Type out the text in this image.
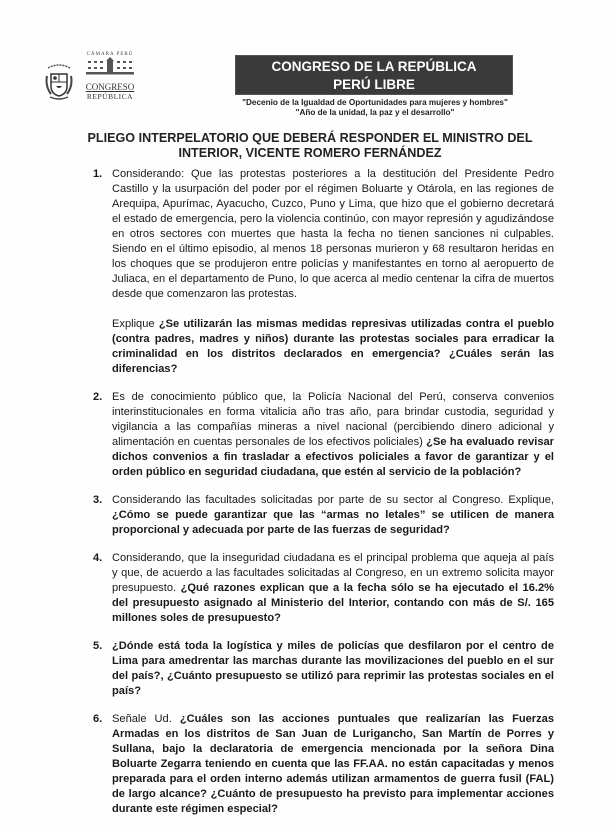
CÁMARA PERÚ
CONGRESO
REPÚBLICA
CONGRESO DE LA REPÚBLICA
PERÚ LIBRE
"Decenio de la Igualdad de Oportunidades para mujeres y hombres"
"Año de la unidad, la paz y el desarrollo"
PLIEGO INTERPELATORIO QUE DEBERÁ RESPONDER EL MINISTRO DEL
INTERIOR, VICENTE ROMERO FERNÁNDEZ
1. Considerando: Que las protestas posteriores a la destitución del Presidente Pedro Castillo y la usurpación del poder por el régimen Boluarte y Otárola, en las regiones de Arequipa, Apurímac, Ayacucho, Cuzco, Puno y Lima, que hizo que el gobierno decretará el estado de emergencia, pero la violencia continúo, con mayor represión y agudizándose en otros sectores con muertes que hasta la fecha no tienen sanciones ni culpables. Siendo en el último episodio, al menos 18 personas murieron y 68 resultaron heridas en los choques que se produjeron entre policías y manifestantes en torno al aeropuerto de Juliaca, en el departamento de Puno, lo que acerca al medio centenar la cifra de muertos desde que comenzaron las protestas.

Explique ¿Se utilizarán las mismas medidas represivas utilizadas contra el pueblo (contra padres, madres y niños) durante las protestas sociales para erradicar la criminalidad en los distritos declarados en emergencia? ¿Cuáles serán las diferencias?

2. Es de conocimiento público que, la Policía Nacional del Perú, conserva convenios interinstitucionales en forma vitalicia año tras año, para brindar custodia, seguridad y vigilancia a las compañías mineras a nivel nacional (percibiendo dinero adicional y alimentación en cuentas personales de los efectivos policiales) ¿Se ha evaluado revisar dichos convenios a fin trasladar a efectivos policiales a favor de garantizar y el orden público en seguridad ciudadana, que estén al servicio de la población?

3. Considerando las facultades solicitadas por parte de su sector al Congreso. Explique, ¿Cómo se puede garantizar que las “armas no letales” se utilicen de manera proporcional y adecuada por parte de las fuerzas de seguridad?

4. Considerando, que la inseguridad ciudadana es el principal problema que aqueja al país y que, de acuerdo a las facultades solicitadas al Congreso, en un extremo solicita mayor presupuesto. ¿Qué razones explican que a la fecha sólo se ha ejecutado el 16.2% del presupuesto asignado al Ministerio del Interior, contando con más de S/. 165 millones soles de presupuesto?

5. ¿Dónde está toda la logística y miles de policías que desfilaron por el centro de Lima para amedrentar las marchas durante las movilizaciones del pueblo en el sur del país?, ¿Cuánto presupuesto se utilizó para reprimir las protestas sociales en el país?

6. Señale Ud. ¿Cuáles son las acciones puntuales que realizarían las Fuerzas Armadas en los distritos de San Juan de Lurigancho, San Martín de Porres y Sullana, bajo la declaratoria de emergencia mencionada por la señora Dina Boluarte Zegarra teniendo en cuenta que las FF.AA. no están capacitadas y menos preparada para el orden interno además utilizan armamentos de guerra fusil (FAL) de largo alcance? ¿Cuánto de presupuesto ha previsto para implementar acciones durante este régimen especial?
